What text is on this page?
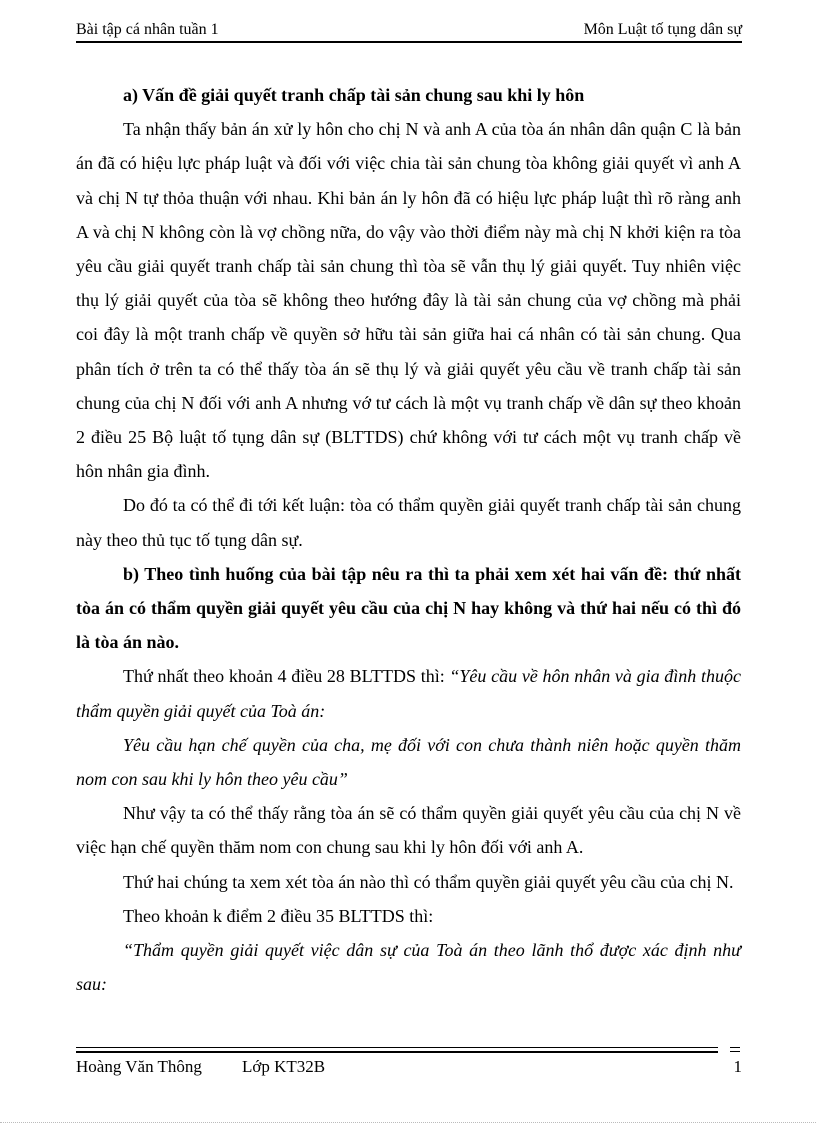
Bài tập cá nhân tuần 1	Môn Luật tố tụng dân sự

a) Vấn đề giải quyết tranh chấp tài sản chung sau khi ly hôn

Ta nhận thấy bản án xử ly hôn cho chị N và anh A của tòa án nhân dân quận C là bản án đã có hiệu lực pháp luật và đối với việc chia tài sản chung tòa không giải quyết vì anh A và chị N tự thỏa thuận với nhau. Khi bản án ly hôn đã có hiệu lực pháp luật thì rõ ràng anh A và chị N không còn là vợ chồng nữa, do vậy vào thời điểm này mà chị N khởi kiện ra tòa yêu cầu giải quyết tranh chấp tài sản chung thì tòa sẽ vẫn thụ lý giải quyết. Tuy nhiên việc thụ lý giải quyết của tòa sẽ không theo hướng đây là tài sản chung của vợ chồng mà phải coi đây là một tranh chấp về quyền sở hữu tài sản giữa hai cá nhân có tài sản chung. Qua phân tích ở trên ta có thể thấy tòa án sẽ thụ lý và giải quyết yêu cầu về tranh chấp tài sản chung của chị N đối với anh A nhưng vớ tư cách là một vụ tranh chấp về dân sự theo khoản 2 điều 25 Bộ luật tố tụng dân sự (BLTTDS) chứ không với tư cách một vụ tranh chấp về hôn nhân gia đình.

Do đó ta có thể đi tới kết luận: tòa có thẩm quyền giải quyết tranh chấp tài sản chung này theo thủ tục tố tụng dân sự.

b) Theo tình huống của bài tập nêu ra thì ta phải xem xét hai vấn đề: thứ nhất tòa án có thẩm quyền giải quyết yêu cầu của chị N hay không và thứ hai nếu có thì đó là tòa án nào.

Thứ nhất theo khoản 4 điều 28 BLTTDS thì: “Yêu cầu về hôn nhân và gia đình thuộc thẩm quyền giải quyết của Toà án:

Yêu cầu hạn chế quyền của cha, mẹ đối với con chưa thành niên hoặc quyền thăm nom con sau khi ly hôn theo yêu cầu”

Như vậy ta có thể thấy rằng tòa án sẽ có thẩm quyền giải quyết yêu cầu của chị N về việc hạn chế quyền thăm nom con chung sau khi ly hôn đối với anh A.

Thứ hai chúng ta xem xét tòa án nào thì có thẩm quyền giải quyết yêu cầu của chị N.

Theo khoản k điểm 2 điều 35 BLTTDS thì:

“Thẩm quyền giải quyết việc dân sự của Toà án theo lãnh thổ được xác định như sau:

Hoàng Văn Thông Lớp KT32B	1
